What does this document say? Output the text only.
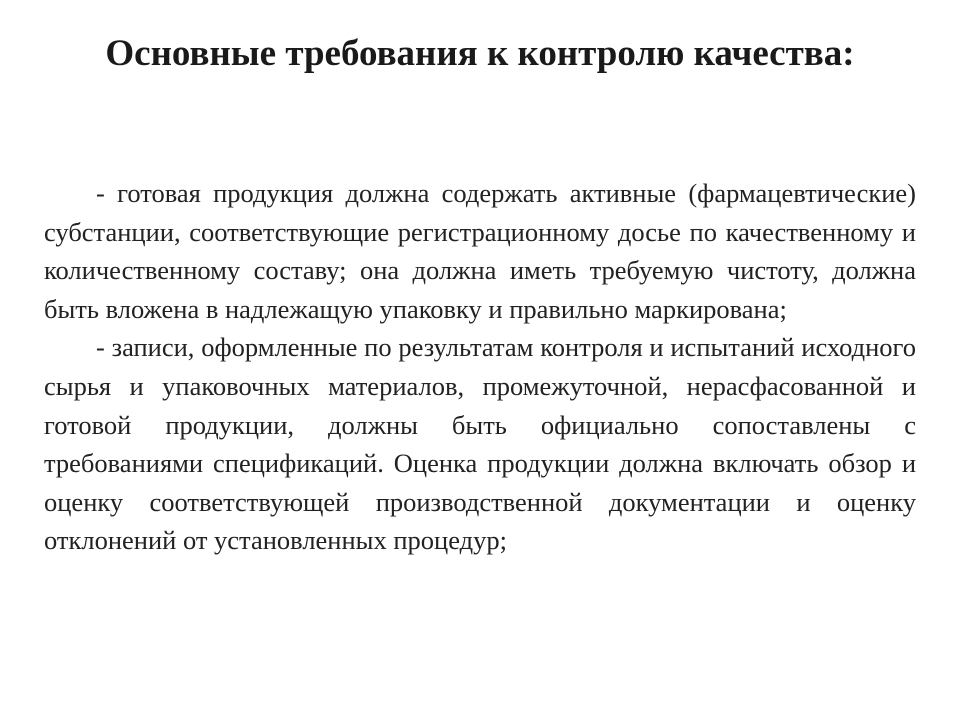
Основные требования к контролю качества:

- готовая продукция должна содержать активные (фармацевтические) субстанции, соответствующие регистрационному досье по качественному и количественному составу; она должна иметь требуемую чистоту, должна быть вложена в надлежащую упаковку и правильно маркирована;

- записи, оформленные по результатам контроля и испытаний исходного сырья и упаковочных материалов, промежуточной, нерасфасованной и готовой продукции, должны быть официально сопоставлены с требованиями спецификаций. Оценка продукции должна включать обзор и оценку соответствующей производственной документации и оценку отклонений от установленных процедур;
